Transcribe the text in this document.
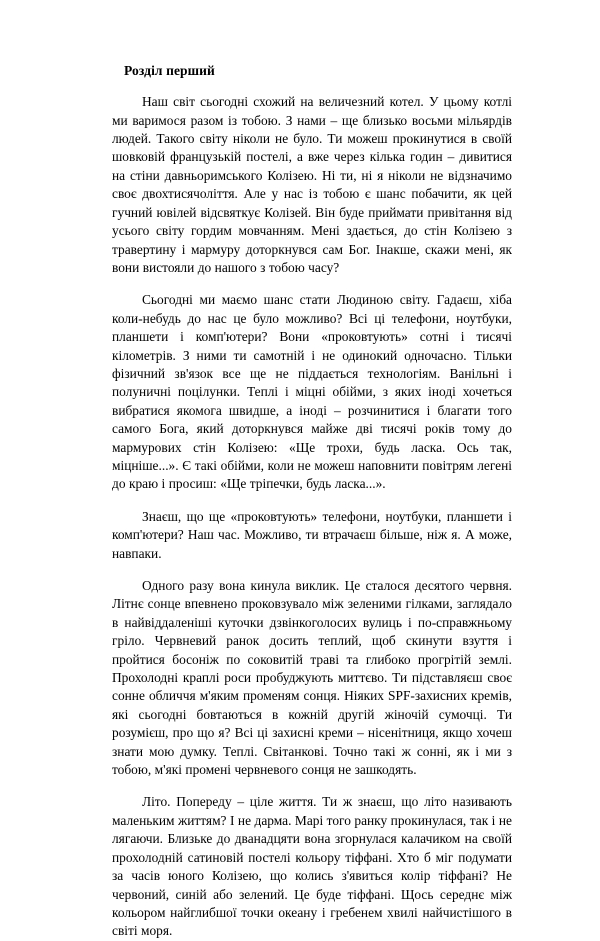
Розділ перший

Наш світ сьогодні схожий на величезний котел. У цьому котлі ми варимося разом із тобою. З нами – ще близько восьми мільярдів людей. Такого світу ніколи не було. Ти можеш прокинутися в своїй шовковій французькій постелі, а вже через кілька годин – дивитися на стіни давньоримського Колізею. Ні ти, ні я ніколи не відзначимо своє двохтисячоліття. Але у нас із тобою є шанс побачити, як цей гучний ювілей відсвяткує Колізей. Він буде приймати привітання від усього світу гордим мовчанням. Мені здається, до стін Колізею з травертину і мармуру доторкнувся сам Бог. Інакше, скажи мені, як вони вистояли до нашого з тобою часу?

Сьогодні ми маємо шанс стати Людиною світу. Гадаєш, хіба коли-небудь до нас це було можливо? Всі ці телефони, ноутбуки, планшети і комп'ютери? Вони «проковтують» сотні і тисячі кілометрів. З ними ти самотній і не одинокий одночасно. Тільки фізичний зв'язок все ще не піддається технологіям. Ванільні і полуничні поцілунки. Теплі і міцні обійми, з яких іноді хочеться вибратися якомога швидше, а іноді – розчинитися і благати того самого Бога, який доторкнувся майже дві тисячі років тому до мармурових стін Колізею: «Ще трохи, будь ласка. Ось так, міцніше...». Є такі обійми, коли не можеш наповнити повітрям легені до краю і просиш: «Ще тріпечки, будь ласка...».

Знаєш, що ще «проковтують» телефони, ноутбуки, планшети і комп'ютери? Наш час. Можливо, ти втрачаєш більше, ніж я. А може, навпаки.

Одного разу вона кинула виклик. Це сталося десятого червня. Літнє сонце впевнено проковзувало між зеленими гілками, заглядало в найвіддаленіші куточки дзвінкоголосих вулиць і по-справжньому гріло. Червневий ранок досить теплий, щоб скинути взуття і пройтися босоніж по соковитій траві та глибоко прогрітій землі. Прохолодні краплі роси пробуджують миттєво. Ти підставляєш своє сонне обличчя м'яким променям сонця. Ніяких SPF-захисних кремів, які сьогодні бовтаються в кожній другій жіночій сумочці. Ти розумієш, про що я? Всі ці захисні креми – нісенітниця, якщо хочеш знати мою думку. Теплі. Світанкові. Точно такі ж сонні, як і ми з тобою, м'які промені червневого сонця не зашкодять.

Літо. Попереду – ціле життя. Ти ж знаєш, що літо називають маленьким життям? І не дарма. Марі того ранку прокинулася, так і не лягаючи. Близьке до дванадцяти вона згорнулася калачиком на своїй прохолодній сатиновій постелі кольору тіффані. Хто б міг подумати за часів юного Колізею, що колись з'явиться колір тіффані? Не червоний, синій або зелений. Це буде тіффані. Щось середнє між кольором найглибшої точки океану і гребенем хвилі найчистішого в світі моря.
